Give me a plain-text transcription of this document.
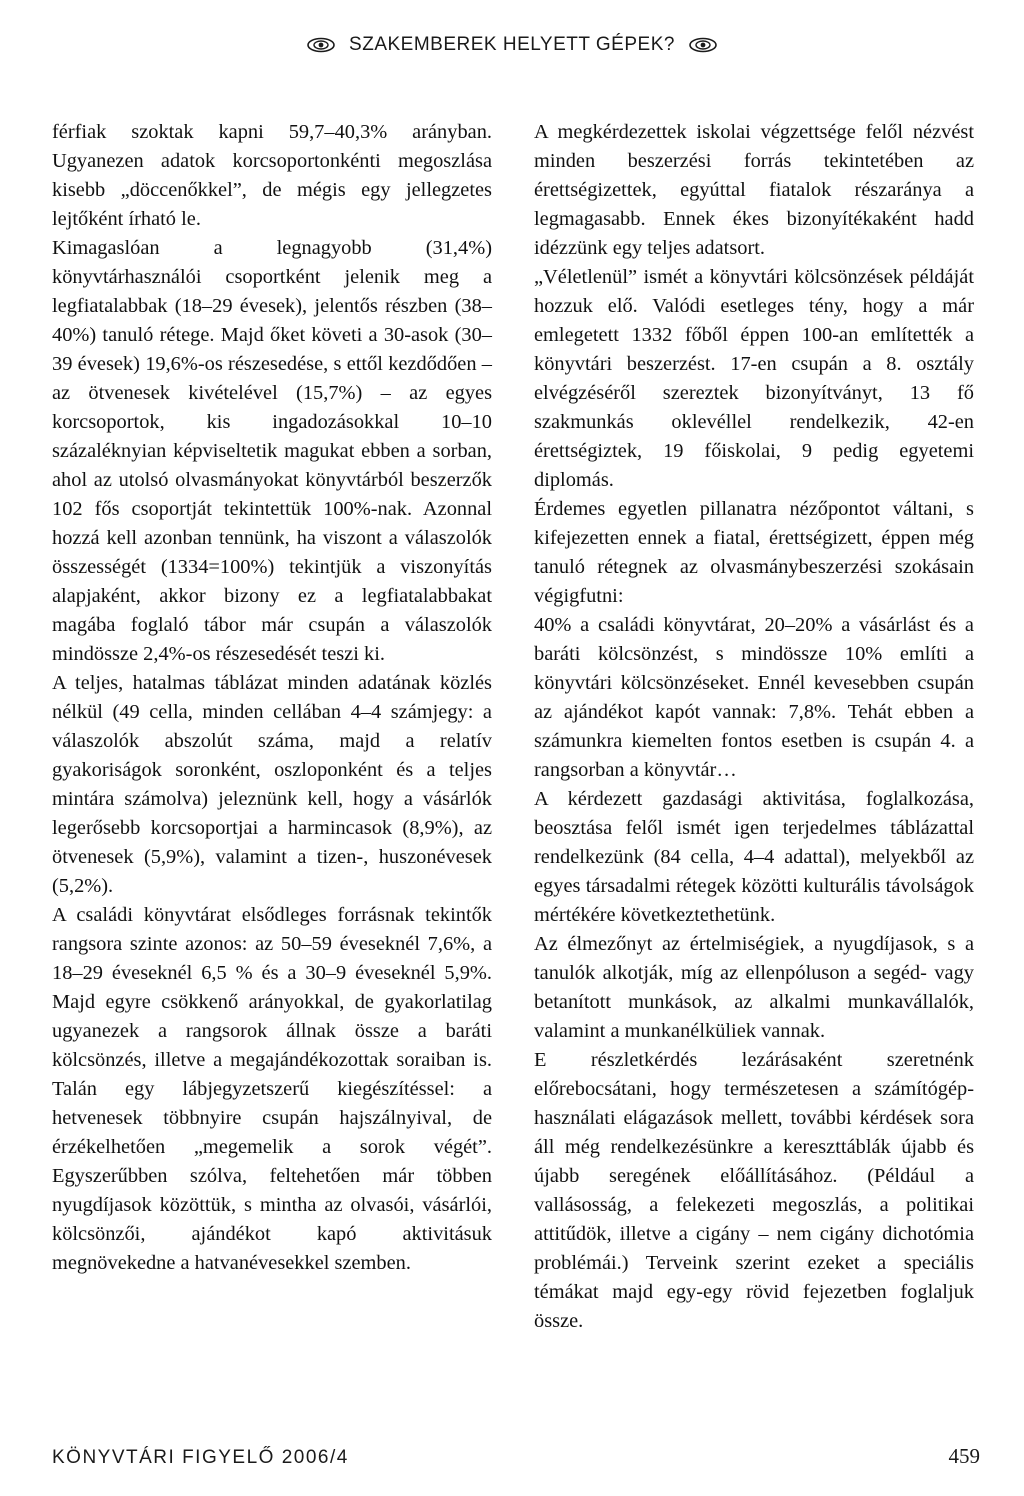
SZAKEMBEREK HELYETT GÉPEK?

férfiak szoktak kapni 59,7–40,3% arányban. Ugyanezen adatok korcsoportonkénti megoszlása kisebb „döccenőkkel”, de mégis egy jellegzetes lejtőként írható le.

Kimagaslóan a legnagyobb (31,4%) könyvtárhasználói csoportként jelenik meg a legfiatalabbak (18–29 évesek), jelentős részben (38–40%) tanuló rétege. Majd őket követi a 30-asok (30–39 évesek) 19,6%-os részesedése, s ettől kezdődően – az ötvenesek kivételével (15,7%) – az egyes korcsoportok, kis ingadozásokkal 10–10 százaléknyian képviseltetik magukat ebben a sorban, ahol az utolsó olvasmányokat könyvtárból beszerzők 102 fős csoportját tekintettük 100%-nak. Azonnal hozzá kell azonban tennünk, ha viszont a válaszolók összességét (1334=100%) tekintjük a viszonyítás alapjaként, akkor bizony ez a legfiatalabbakat magába foglaló tábor már csupán a válaszolók mindössze 2,4%-os részesedését teszi ki.

A teljes, hatalmas táblázat minden adatának közlés nélkül (49 cella, minden cellában 4–4 számjegy: a válaszolók abszolút száma, majd a relatív gyakoriságok soronként, oszloponként és a teljes mintára számolva) jeleznünk kell, hogy a vásárlók legerősebb korcsoportjai a harmincasok (8,9%), az ötvenesek (5,9%), valamint a tizen-, huszonévesek (5,2%).

A családi könyvtárat elsődleges forrásnak tekintők rangsora szinte azonos: az 50–59 éveseknél 7,6%, a 18–29 éveseknél 6,5 % és a 30–9 éveseknél 5,9%. Majd egyre csökkenő arányokkal, de gyakorlatilag ugyanezek a rangsorok állnak össze a baráti kölcsönzés, illetve a megajándékozottak soraiban is. Talán egy lábjegyzetszerű kiegészítéssel: a hetvenesek többnyire csupán hajszálnyival, de érzékelhetően „megemelik a sorok végét”. Egyszerűbben szólva, feltehetően már többen nyugdíjasok közöttük, s mintha az olvasói, vásárlói, kölcsönzői, ajándékot kapó aktivitásuk megnövekedne a hatvanévesekkel szemben.

A megkérdezettek iskolai végzettsége felől nézvést minden beszerzési forrás tekintetében az érettségizettek, egyúttal fiatalok részaránya a legmagasabb. Ennek ékes bizonyítékaként hadd idézzünk egy teljes adatsort.

„Véletlenül” ismét a könyvtári kölcsönzések példáját hozzuk elő. Valódi esetleges tény, hogy a már emlegetett 1332 főből éppen 100-an említették a könyvtári beszerzést. 17-en csupán a 8. osztály elvégzéséről szereztek bizonyítványt, 13 fő szakmunkás oklevéllel rendelkezik, 42-en érettségiztek, 19 főiskolai, 9 pedig egyetemi diplomás.

Érdemes egyetlen pillanatra nézőpontot váltani, s kifejezetten ennek a fiatal, érettségizett, éppen még tanuló rétegnek az olvasmánybeszerzési szokásain végigfutni:

40% a családi könyvtárat, 20–20% a vásárlást és a baráti kölcsönzést, s mindössze 10% említi a könyvtári kölcsönzéseket. Ennél kevesebben csupán az ajándékot kapót vannak: 7,8%. Tehát ebben a számunkra kiemelten fontos esetben is csupán 4. a rangsorban a könyvtár…

A kérdezett gazdasági aktivitása, foglalkozása, beosztása felől ismét igen terjedelmes táblázattal rendelkezünk (84 cella, 4–4 adattal), melyekből az egyes társadalmi rétegek közötti kulturális távolságok mértékére következtethetünk.

Az élmezőnyt az értelmiségiek, a nyugdíjasok, s a tanulók alkotják, míg az ellenpóluson a segéd- vagy betanított munkások, az alkalmi munkavállalók, valamint a munkanélküliek vannak.

E részletkérdés lezárásaként szeretnénk előrebocsátani, hogy természetesen a számítógép-használati elágazások mellett, további kérdések sora áll még rendelkezésünkre a kereszttáblák újabb és újabb seregének előállításához. (Például a vallásosság, a felekezeti megoszlás, a politikai attitűdök, illetve a cigány – nem cigány dichotómia problémái.) Terveink szerint ezeket a speciális témákat majd egy-egy rövid fejezetben foglaljuk össze.

KÖNYVTÁRI FIGYELŐ 2006/4	459
